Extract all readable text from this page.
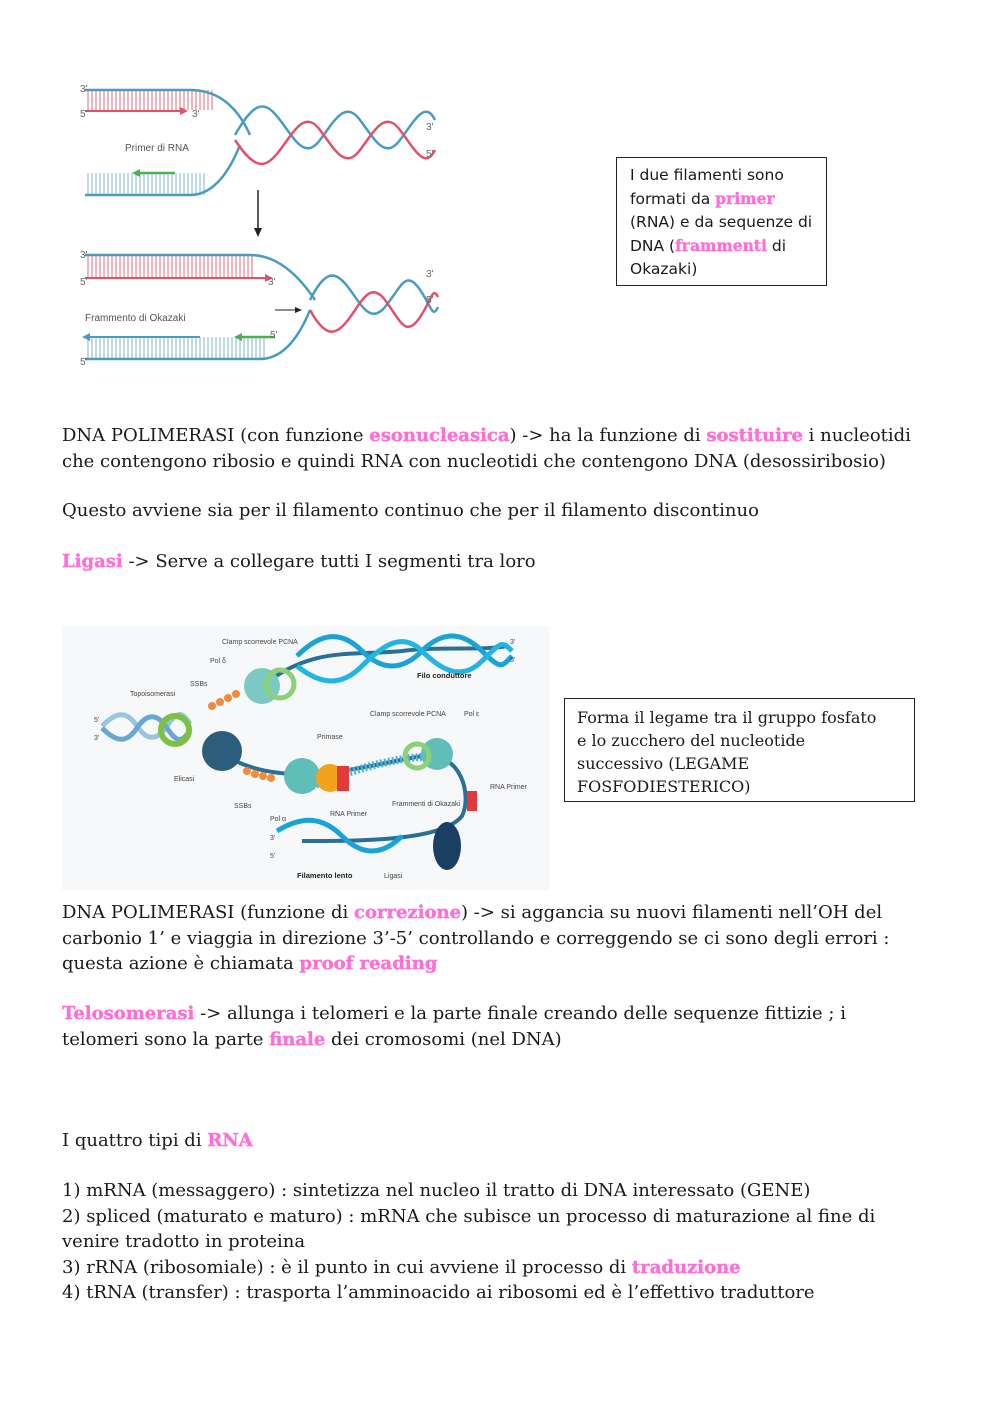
3'
5'	3'
3'
5'
Primer di RNA
3'
5'	3'
3'
5'
5'
5'
Frammento di Okazaki
I due filamenti sono
formati da primer
(RNA) e da sequenze di
DNA (frammenti di
Okazaki)
DNA POLIMERASI (con funzione esonucleasica) -> ha la funzione di sostituire i nucleotidi
che contengono ribosio e quindi RNA con nucleotidi che contengono DNA (desossiribosio)
Questo avviene sia per il filamento continuo che per il filamento discontinuo
Ligasi -> Serve a collegare tutti I segmenti tra loro
Clamp scorrevole PCNA
Pol δ
SSBs
Topoisomerasi
Filo conduttore
Clamp scorrevole PCNA	Pol ε
Primase
Elicasi
SSBs
Pol α
RNA Primer
Frammenti di Okazaki
RNA Primer
Filamento lento	Ligasi
3'
5'
5'
3'
3'
5'
Forma il legame tra il gruppo fosfato
e lo zucchero del nucleotide
successivo (LEGAME
FOSFODIESTERICO)
DNA POLIMERASI (funzione di correzione) -> si aggancia su nuovi filamenti nell’OH del
carbonio 1’ e viaggia in direzione 3’-5’ controllando e correggendo se ci sono degli errori :
questa azione è chiamata proof reading
Telosomerasi -> allunga i telomeri e la parte finale creando delle sequenze fittizie ; i
telomeri sono la parte finale dei cromosomi (nel DNA)
I quattro tipi di RNA
1) mRNA (messaggero) : sintetizza nel nucleo il tratto di DNA interessato (GENE)
2) spliced (maturato e maturo) : mRNA che subisce un processo di maturazione al fine di
venire tradotto in proteina
3) rRNA (ribosomiale) : è il punto in cui avviene il processo di traduzione
4) tRNA (transfer) : trasporta l’amminoacido ai ribosomi ed è l’effettivo traduttore
